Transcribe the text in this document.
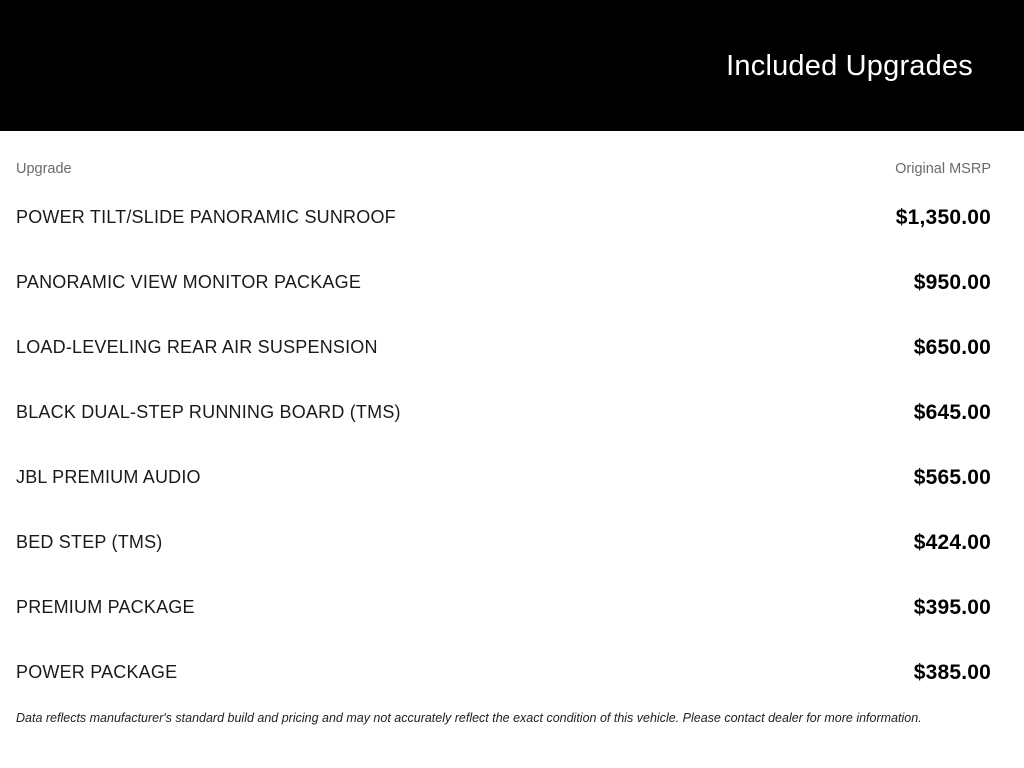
Included Upgrades
Upgrade	Original MSRP
POWER TILT/SLIDE PANORAMIC SUNROOF	$1,350.00
PANORAMIC VIEW MONITOR PACKAGE	$950.00
LOAD-LEVELING REAR AIR SUSPENSION	$650.00
BLACK DUAL-STEP RUNNING BOARD (TMS)	$645.00
JBL PREMIUM AUDIO	$565.00
BED STEP (TMS)	$424.00
PREMIUM PACKAGE	$395.00
POWER PACKAGE	$385.00
Data reflects manufacturer's standard build and pricing and may not accurately reflect the exact condition of this vehicle. Please contact dealer for more information.
